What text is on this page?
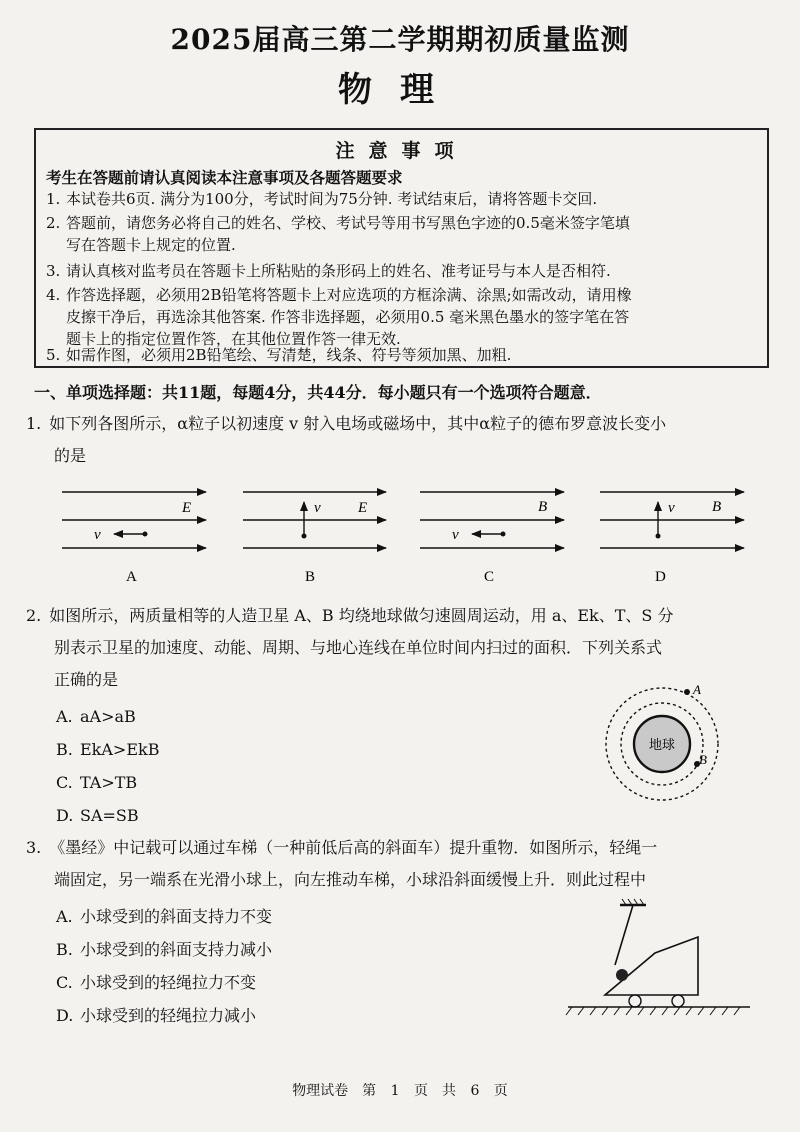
2025届高三第二学期期初质量监测
物理
注意事项
考生在答题前请认真阅读本注意事项及各题答题要求
1. 本试卷共6页. 满分为100分，考试时间为75分钟. 考试结束后，请将答题卡交回.
2. 答题前，请您务必将自己的姓名、学校、考试号等用书写黑色字迹的0.5毫米签字笔填
写在答题卡上规定的位置.
3. 请认真核对监考员在答题卡上所粘贴的条形码上的姓名、准考证号与本人是否相符.
4. 作答选择题，必须用2B铅笔将答题卡上对应选项的方框涂满、涂黑;如需改动，请用橡
皮擦干净后，再选涂其他答案. 作答非选择题，必须用0.5 毫米黑色墨水的签字笔在答
题卡上的指定位置作答，在其他位置作答一律无效.
5. 如需作图，必须用2B铅笔绘、写清楚，线条、符号等须加黑、加粗.
一、单项选择题：共11题，每题4分，共44分．每小题只有一个选项符合题意．
1. 如下列各图所示，α粒子以初速度 v 射入电场或磁场中，其中α粒子的德布罗意波长变小
的是
v
E
A
v E
B
v
B
C
v B
D
2. 如图所示，两质量相等的人造卫星 A、B 均绕地球做匀速圆周运动，用 a、Ek、T、S 分
别表示卫星的加速度、动能、周期、与地心连线在单位时间内扫过的面积．下列关系式
正确的是
A. aA>aB
B. EkA>EkB
C. TA>TB
D. SA=SB
地球
A
B
3. 《墨经》中记载可以通过车梯（一种前低后高的斜面车）提升重物．如图所示，轻绳一
端固定，另一端系在光滑小球上，向左推动车梯，小球沿斜面缓慢上升．则此过程中
A. 小球受到的斜面支持力不变
B. 小球受到的斜面支持力减小
C. 小球受到的轻绳拉力不变
D. 小球受到的轻绳拉力减小
物理试卷　第 1 页　共 6 页
